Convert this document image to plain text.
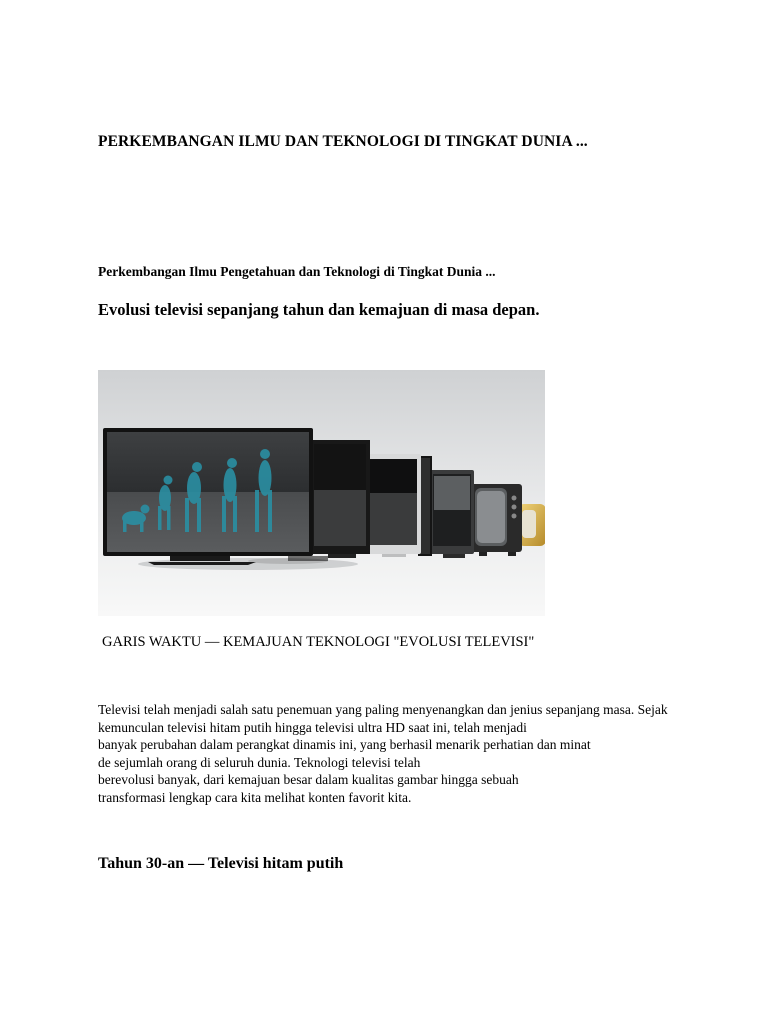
PERKEMBANGAN ILMU DAN TEKNOLOGI DI TINGKAT DUNIA ...
Perkembangan Ilmu Pengetahuan dan Teknologi di Tingkat Dunia ...
Evolusi televisi sepanjang tahun dan kemajuan di masa depan.
GARIS WAKTU — KEMAJUAN TEKNOLOGI "EVOLUSI TELEVISI"
Televisi telah menjadi salah satu penemuan yang paling menyenangkan dan jenius sepanjang masa. Sejak
kemunculan televisi hitam putih hingga televisi ultra HD saat ini, telah menjadi
banyak perubahan dalam perangkat dinamis ini, yang berhasil menarik perhatian dan minat
de sejumlah orang di seluruh dunia. Teknologi televisi telah
berevolusi banyak, dari kemajuan besar dalam kualitas gambar hingga sebuah
transformasi lengkap cara kita melihat konten favorit kita.
Tahun 30-an — Televisi hitam putih
